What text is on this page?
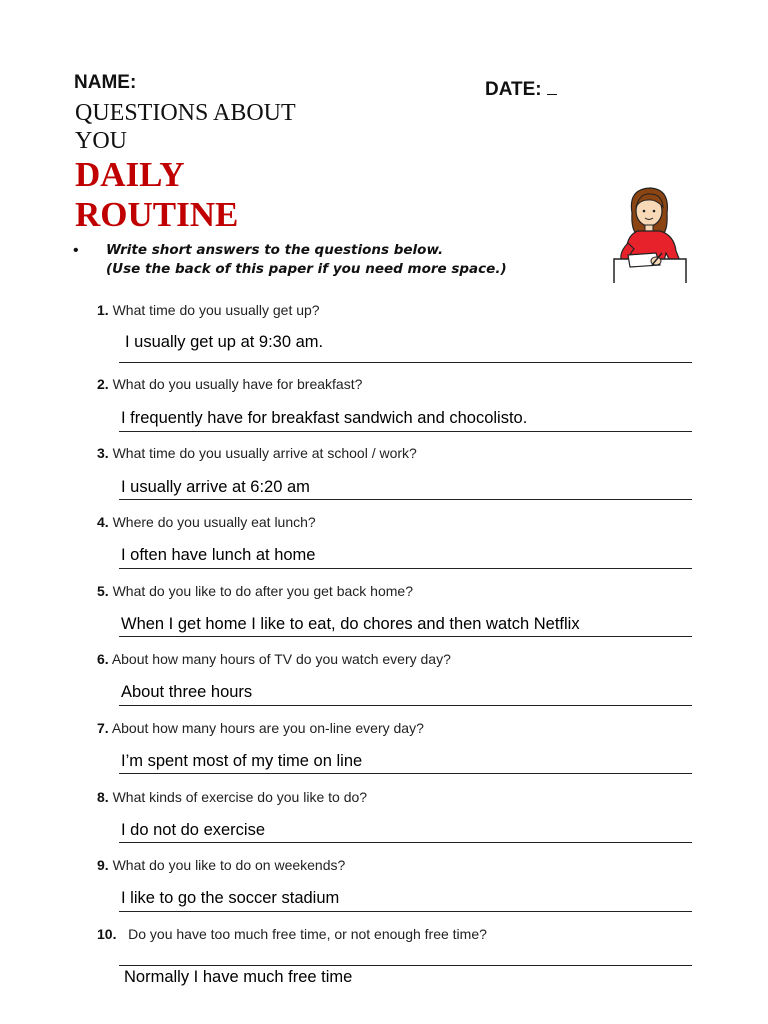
NAME:	DATE:
QUESTIONS ABOUT
YOU
DAILY
ROUTINE
• Write short answers to the questions below.
(Use the back of this paper if you need more space.)
1. What time do you usually get up?
I usually get up at 9:30 am.
2. What do you usually have for breakfast?
I frequently have for breakfast sandwich and chocolisto.
3. What time do you usually arrive at school / work?
I usually arrive at 6:20 am
4. Where do you usually eat lunch?
I often have lunch at home
5. What do you like to do after you get back home?
When I get home I like to eat, do chores and then watch Netflix
6. About how many hours of TV do you watch every day?
About three hours
7. About how many hours are you on-line every day?
I’m spent most of my time on line
8. What kinds of exercise do you like to do?
I do not do exercise
9. What do you like to do on weekends?
I like to go the soccer stadium
10. Do you have too much free time, or not enough free time?
Normally I have much free time
